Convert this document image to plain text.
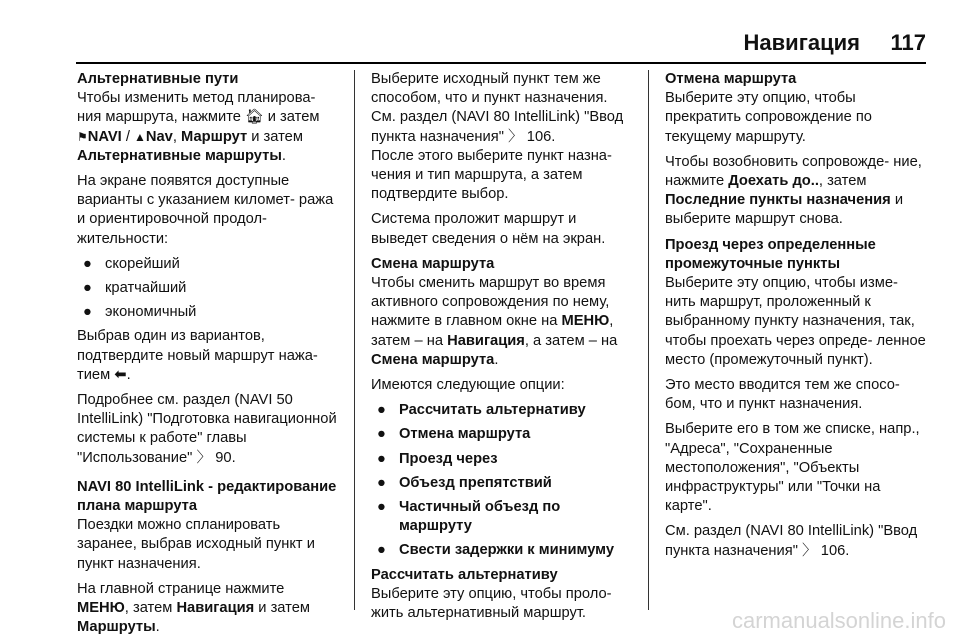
Навигация 117
Альтернативные пути

Чтобы изменить метод планирова- ния маршрута, нажмите 🏠︎ и затем ⚑NAVI / ▲Nav, Маршрут и затем Альтернативные маршруты.

На экране появятся доступные варианты с указанием километ- ража и ориентировочной продол- жительности:

● скорейший
● кратчайший
● экономичный

Выбрав один из вариантов, подтвердите новый маршрут нажа- тием ⬅︎.

Подробнее см. раздел (NAVI 50 IntelliLink) "Подготовка навигационной системы к работе" главы "Использование" 〉 90.

NAVI 80 IntelliLink - редактирование плана маршрута

Поездки можно спланировать заранее, выбрав исходный пункт и пункт назначения.

На главной странице нажмите МЕНЮ, затем Навигация и затем Маршруты.

Выберите исходный пункт тем же способом, что и пункт назначения. См. раздел (NAVI 80 IntelliLink) "Ввод пункта назначения" 〉 106.
После этого выберите пункт назна- чения и тип маршрута, а затем подтвердите выбор.

Система проложит маршрут и выведет сведения о нём на экран.

Смена маршрута

Чтобы сменить маршрут во время активного сопровождения по нему, нажмите в главном окне на МЕНЮ, затем – на Навигация, а затем – на Смена маршрута.

Имеются следующие опции:

● Рассчитать альтернативу
● Отмена маршрута
● Проезд через
● Объезд препятствий
● Частичный объезд по маршруту
● Свести задержки к минимуму
Рассчитать альтернативу

Выберите эту опцию, чтобы проло- жить альтернативный маршрут.

Отмена маршрута

Выберите эту опцию, чтобы прекратить сопровождение по текущему маршруту.

Чтобы возобновить сопровожде- ние, нажмите Доехать до.., затем Последние пункты назначения и выберите маршрут снова.

Проезд через определенные промежуточные пункты

Выберите эту опцию, чтобы изме- нить маршрут, проложенный к выбранному пункту назначения, так, чтобы проехать через опреде- ленное место (промежуточный пункт).

Это место вводится тем же спосо- бом, что и пункт назначения.

Выберите его в том же списке, напр., "Адреса", "Сохраненные местоположения", "Объекты инфраструктуры" или "Точки на карте".

См. раздел (NAVI 80 IntelliLink) "Ввод пункта назначения" 〉 106.

carmanualsonline.info
